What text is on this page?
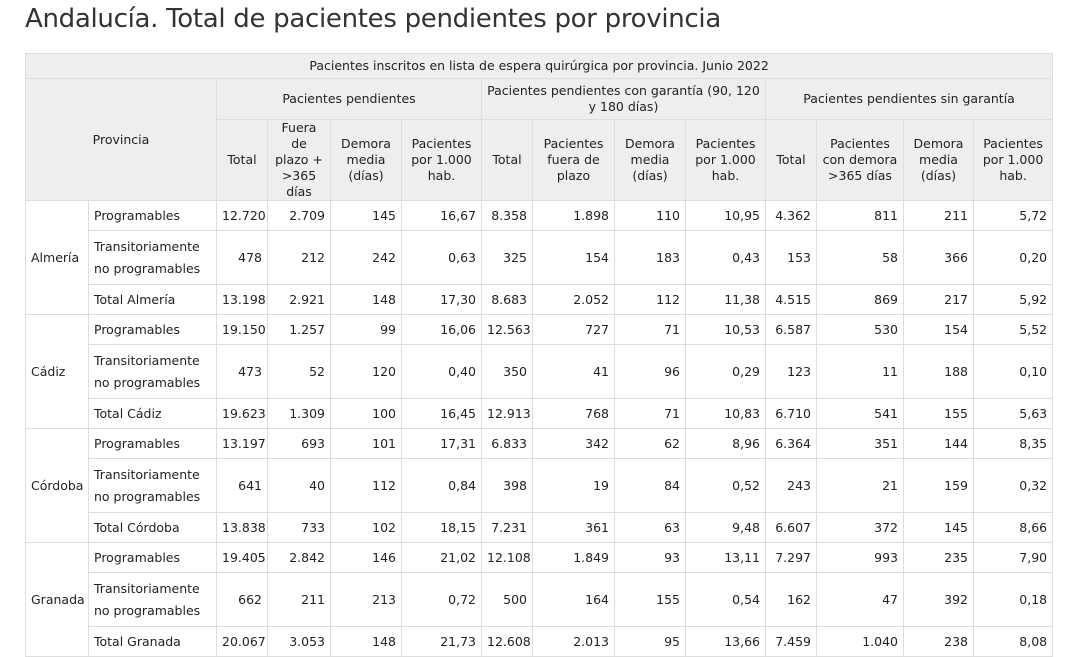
Andalucía. Total de pacientes pendientes por provincia
Pacientes inscritos en lista de espera quirúrgica por provincia. Junio 2022													
Provincia		Pacientes pendientes				Pacientes pendientes con garantía (90, 120 y 180 días)				Pacientes pendientes sin garantía			
		Total	Fuera de plazo + >365 días	Demora media (días)	Pacientes por 1.000 hab.	Total	Pacientes fuera de plazo	Demora media (días)	Pacientes por 1.000 hab.	Total	Pacientes con demora >365 días	Demora media (días)	Pacientes por 1.000 hab.
Almería	Programables	12.720	2.709	145	16,67	8.358	1.898	110	10,95	4.362	811	211	5,72
	Transitoriamente no programables	478	212	242	0,63	325	154	183	0,43	153	58	366	0,20
	Total Almería	13.198	2.921	148	17,30	8.683	2.052	112	11,38	4.515	869	217	5,92
Cádiz	Programables	19.150	1.257	99	16,06	12.563	727	71	10,53	6.587	530	154	5,52
	Transitoriamente no programables	473	52	120	0,40	350	41	96	0,29	123	11	188	0,10
	Total Cádiz	19.623	1.309	100	16,45	12.913	768	71	10,83	6.710	541	155	5,63
Córdoba	Programables	13.197	693	101	17,31	6.833	342	62	8,96	6.364	351	144	8,35
	Transitoriamente no programables	641	40	112	0,84	398	19	84	0,52	243	21	159	0,32
	Total Córdoba	13.838	733	102	18,15	7.231	361	63	9,48	6.607	372	145	8,66
Granada	Programables	19.405	2.842	146	21,02	12.108	1.849	93	13,11	7.297	993	235	7,90
	Transitoriamente no programables	662	211	213	0,72	500	164	155	0,54	162	47	392	0,18
	Total Granada	20.067	3.053	148	21,73	12.608	2.013	95	13,66	7.459	1.040	238	8,08
